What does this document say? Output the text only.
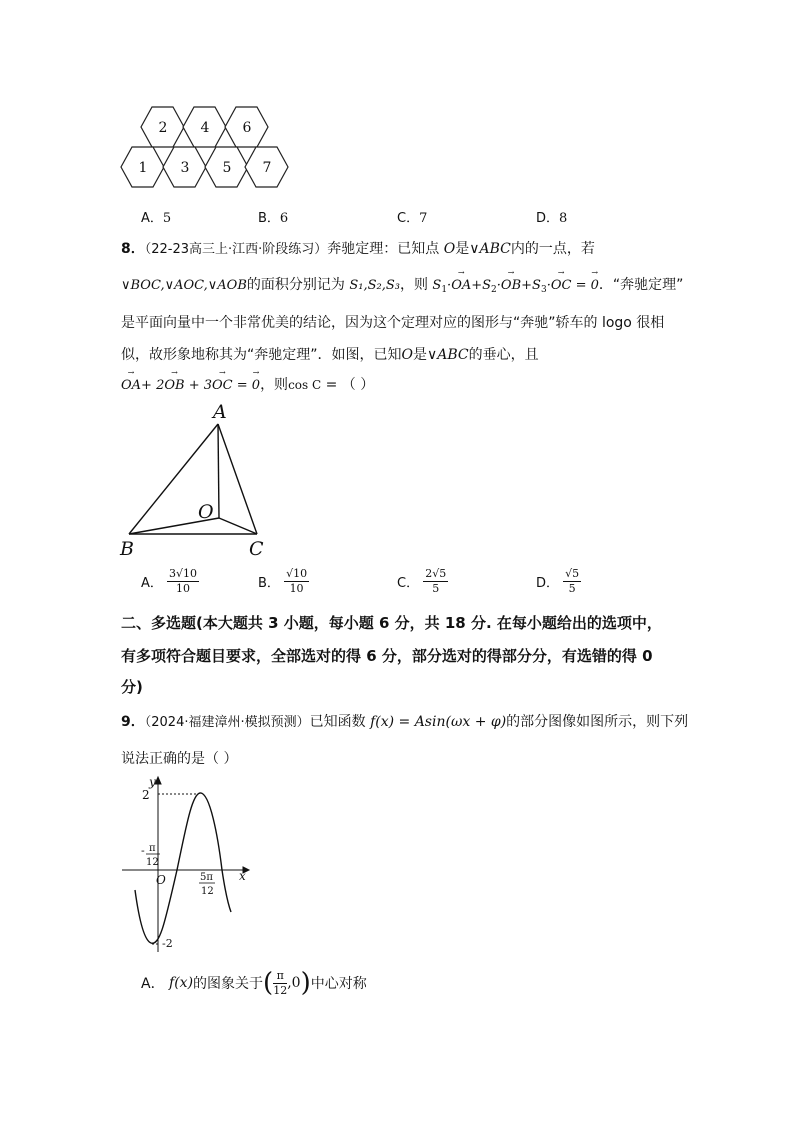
2 4 6
1 3 5 7
A．5	B．6	C．7	D．8
8．（22-23高三上·江西·阶段练习）奔驰定理：已知点 O是∨ABC内的一点，若
∨BOC,∨AOC,∨AOB的面积分别记为 S₁,S₂,S₃，则 $S_1\cdot\to OA+S_2\cdot\to OB+S_3\cdot\to$ OC = → 0．“奔驰定理”
是平面向量中一个非常优美的结论，因为这个定理对应的图形与“奔驰”轿车的 logo 很相
似，故形象地称其为“奔驰定理”．如图，已知O是∨ABC的垂心，且
→ OA+ 2→ OB + 3→ OC = → 0，则cos C = （ ）
A
B	C
O
A． $\frac{3√10}{10}$	B． $\frac{√10}{10}$	C． $\frac{2√5}{5}$	D． $\frac{√5}{5}$
二、多选题(本大题共 3 小题，每小题 6 分，共 18 分. 在每小题给出的选项中，
有多项符合题目要求，全部选对的得 6 分，部分选对的得部分分，有选错的得 0
分)
9．（2024·福建漳州·模拟预测）已知函数 f(x) = Asin(ωx + φ)的部分图像如图所示，则下列
说法正确的是（ ）
y
x
O
2
-2
- π
12
5π
12
A． f(x)的图象关于( $\frac{\pi}{12} ,0$)中心对称
